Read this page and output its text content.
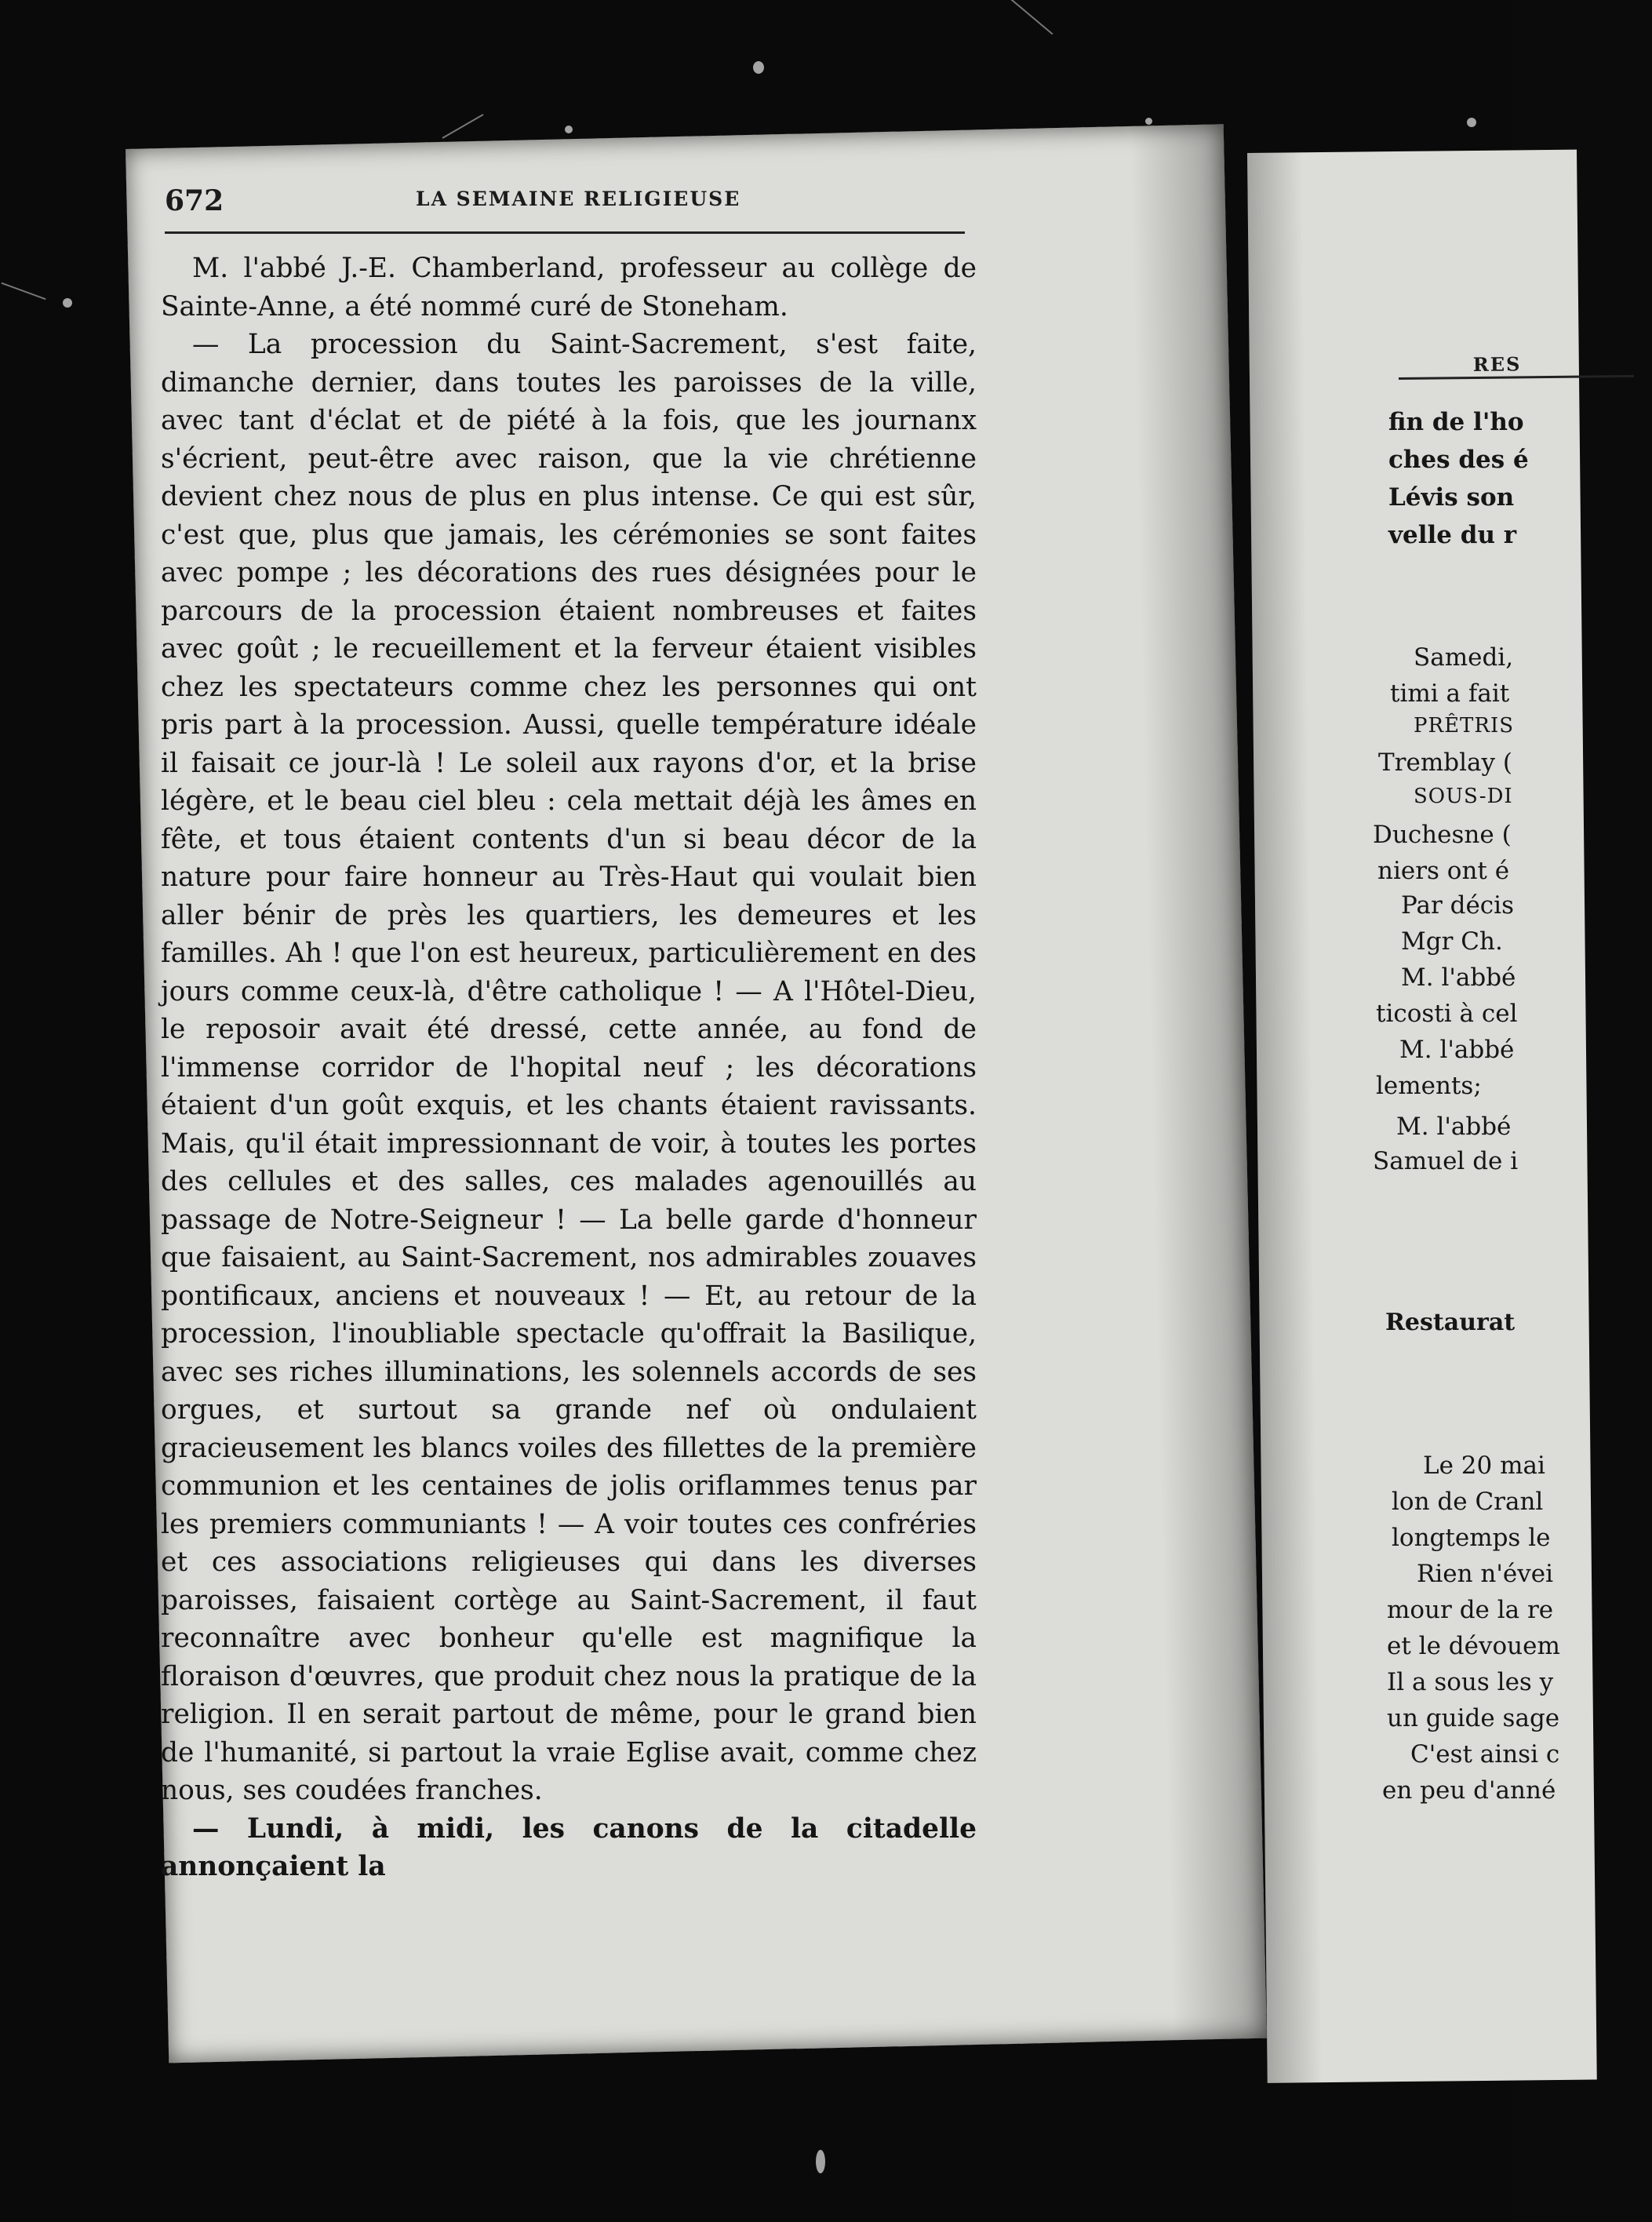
672	LA SEMAINE RELIGIEUSE

M. l'abbé J.-E. Chamberland, professeur au collège de Sainte-Anne, a été nommé curé de Stoneham.

— La procession du Saint-Sacrement, s'est faite, dimanche dernier, dans toutes les paroisses de la ville, avec tant d'éclat et de piété à la fois, que les journanx s'écrient, peut-être avec raison, que la vie chrétienne devient chez nous de plus en plus intense. Ce qui est sûr, c'est que, plus que jamais, les cérémonies se sont faites avec pompe ; les décorations des rues désignées pour le parcours de la procession étaient nombreuses et faites avec goût ; le recueillement et la ferveur étaient visibles chez les spectateurs comme chez les personnes qui ont pris part à la procession. Aussi, quelle température idéale il faisait ce jour-là ! Le soleil aux rayons d'or, et la brise légère, et le beau ciel bleu : cela mettait déjà les âmes en fête, et tous étaient contents d'un si beau décor de la nature pour faire honneur au Très-Haut qui voulait bien aller bénir de près les quartiers, les demeures et les familles. Ah ! que l'on est heureux, particulièrement en des jours comme ceux-là, d'être catholique ! — A l'Hôtel-Dieu, le reposoir avait été dressé, cette année, au fond de l'immense corridor de l'hopital neuf ; les décorations étaient d'un goût exquis, et les chants étaient ravissants. Mais, qu'il était impressionnant de voir, à toutes les portes des cellules et des salles, ces malades agenouillés au passage de Notre-Seigneur ! — La belle garde d'honneur que faisaient, au Saint-Sacrement, nos admirables zouaves pontificaux, anciens et nouveaux ! — Et, au retour de la procession, l'inoubliable spectacle qu'offrait la Basilique, avec ses riches illuminations, les solennels accords de ses orgues, et surtout sa grande nef où ondulaient gracieusement les blancs voiles des fillettes de la première communion et les centaines de jolis oriflammes tenus par les premiers communiants ! — A voir toutes ces confréries et ces associations religieuses qui dans les diverses paroisses, faisaient cortège au Saint-Sacrement, il faut reconnaître avec bonheur qu'elle est magnifique la floraison d'œuvres, que produit chez nous la pratique de la religion. Il en serait partout de même, pour le grand bien de l'humanité, si partout la vraie Eglise avait, comme chez nous, ses coudées franches.

— Lundi, à midi, les canons de la citadelle annonçaient la

RES
fin de l'ho
ches des é
Lévis son
velle du r
Samedi,
timi a fait
PRÊTRIS
Tremblay (
SOUS-DI
Duchesne (
niers ont é
Par décis
Mgr Ch.
M. l'abbé
ticosti à cel
M. l'abbé
lements;
M. l'abbé
Samuel de i
Restaurat
Le 20 mai
lon de Cranl
longtemps le
Rien n'évei
mour de la re
et le dévouem
Il a sous les y
un guide sage
C'est ainsi c
en peu d'anné
